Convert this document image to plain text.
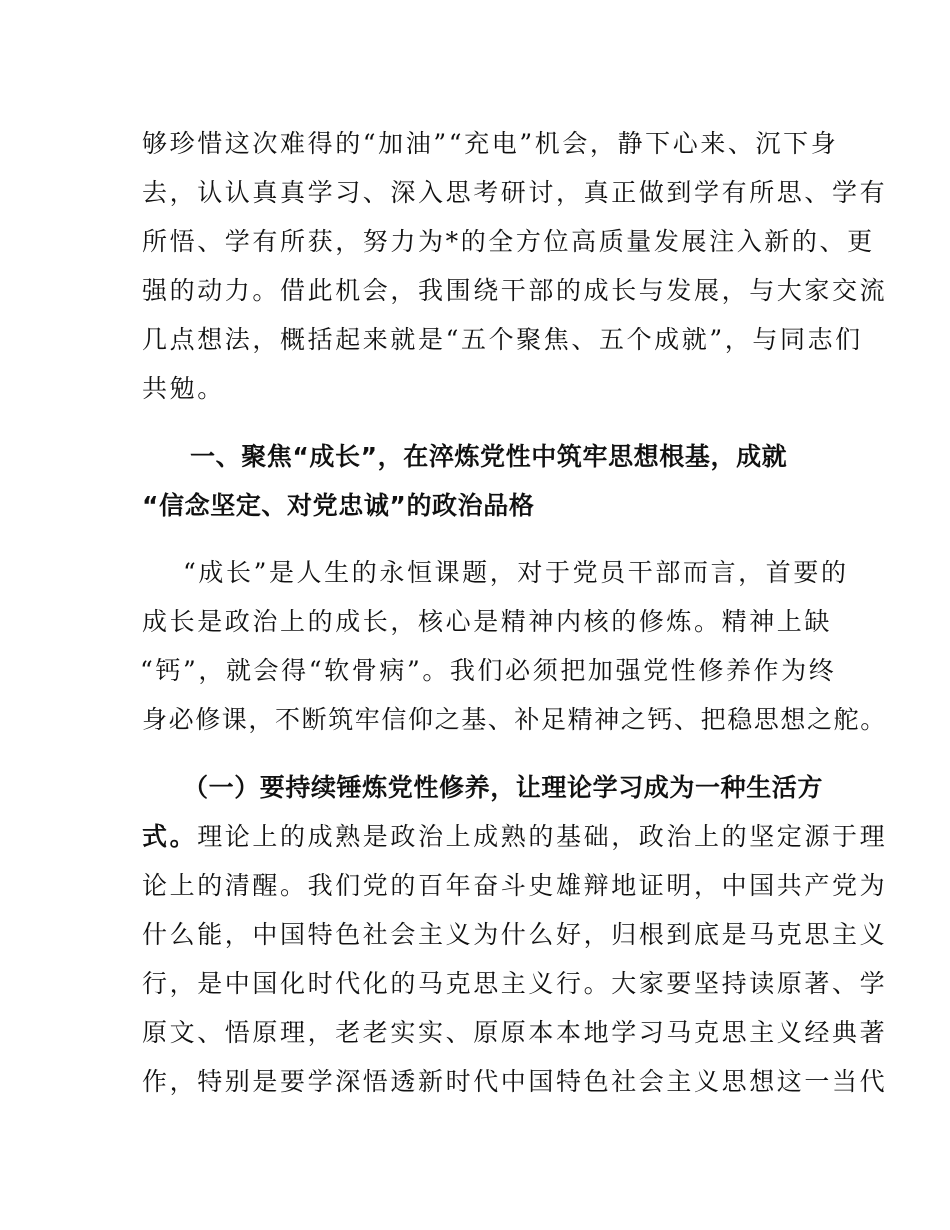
够珍惜这次难得的“加油”“充电”机会，静下心来、沉下身
去，认认真真学习、深入思考研讨，真正做到学有所思、学有
所悟、学有所获，努力为*的全方位高质量发展注入新的、更
强的动力。借此机会，我围绕干部的成长与发展，与大家交流
几点想法，概括起来就是“五个聚焦、五个成就”，与同志们
共勉。
一、聚焦“成长”，在淬炼党性中筑牢思想根基，成就
“信念坚定、对党忠诚”的政治品格
“成长”是人生的永恒课题，对于党员干部而言，首要的
成长是政治上的成长，核心是精神内核的修炼。精神上缺
“钙”，就会得“软骨病”。我们必须把加强党性修养作为终
身必修课，不断筑牢信仰之基、补足精神之钙、把稳思想之舵。
（一）要持续锤炼党性修养，让理论学习成为一种生活方
式。理论上的成熟是政治上成熟的基础，政治上的坚定源于理
论上的清醒。我们党的百年奋斗史雄辩地证明，中国共产党为
什么能，中国特色社会主义为什么好，归根到底是马克思主义
行，是中国化时代化的马克思主义行。大家要坚持读原著、学
原文、悟原理，老老实实、原原本本地学习马克思主义经典著
作，特别是要学深悟透新时代中国特色社会主义思想这一当代
